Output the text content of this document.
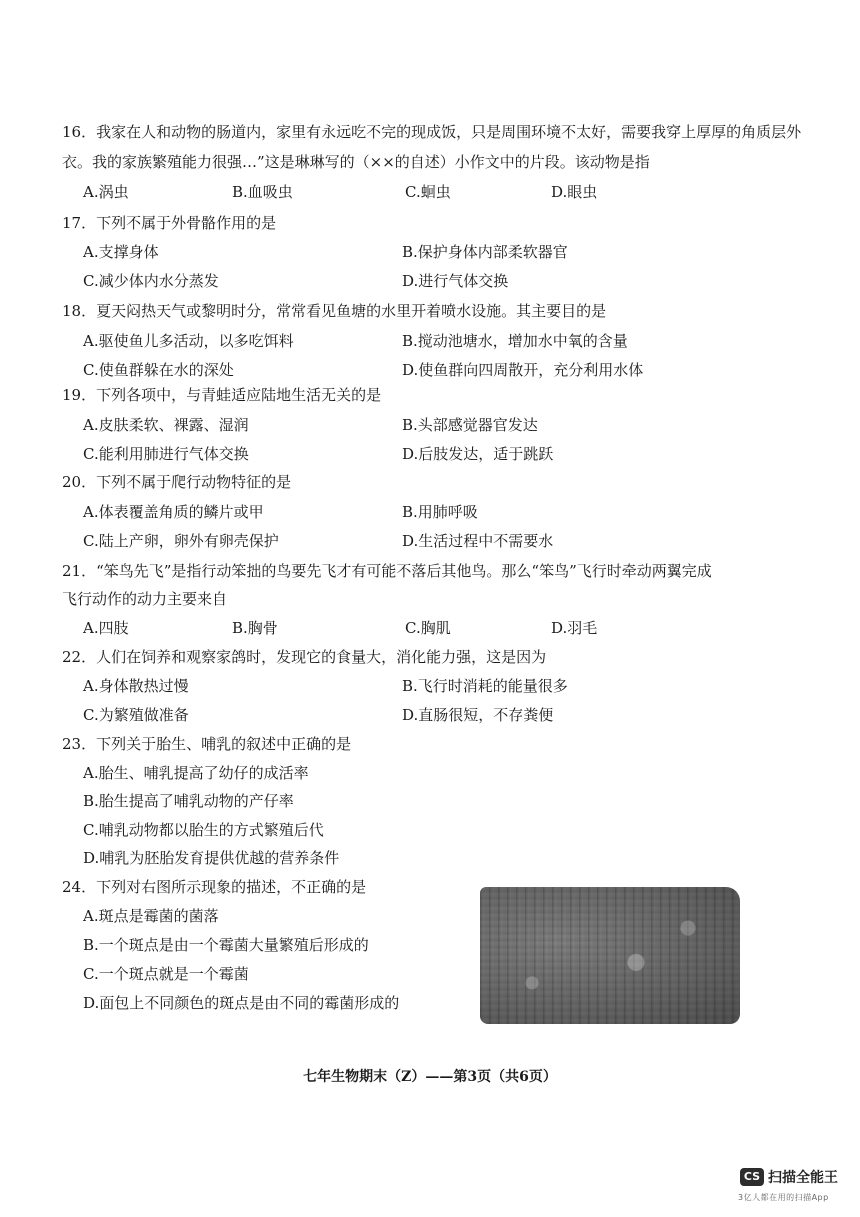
16．我家在人和动物的肠道内，家里有永远吃不完的现成饭，只是周围环境不太好，需要我穿上厚厚的角质层外衣。我的家族繁殖能力很强…”这是琳琳写的（××的自述）小作文中的片段。该动物是指
A.涡虫	B.血吸虫	C.蛔虫	D.眼虫
17．下列不属于外骨骼作用的是
A.支撑身体	B.保护身体内部柔软器官
C.减少体内水分蒸发	D.进行气体交换
18．夏天闷热天气或黎明时分，常常看见鱼塘的水里开着喷水设施。其主要目的是
A.驱使鱼儿多活动，以多吃饵料	B.搅动池塘水，增加水中氧的含量
C.使鱼群躲在水的深处	D.使鱼群向四周散开，充分利用水体
19．下列各项中，与青蛙适应陆地生活无关的是
A.皮肤柔软、裸露、湿润	B.头部感觉器官发达
C.能利用肺进行气体交换	D.后肢发达，适于跳跃
20．下列不属于爬行动物特征的是
A.体表覆盖角质的鳞片或甲	B.用肺呼吸
C.陆上产卵，卵外有卵壳保护	D.生活过程中不需要水
21．“笨鸟先飞”是指行动笨拙的鸟要先飞才有可能不落后其他鸟。那么“笨鸟”飞行时牵动两翼完成
飞行动作的动力主要来自
A.四肢	B.胸骨	C.胸肌	D.羽毛
22．人们在饲养和观察家鸽时，发现它的食量大，消化能力强，这是因为
A.身体散热过慢	B.飞行时消耗的能量很多
C.为繁殖做准备	D.直肠很短，不存粪便
23．下列关于胎生、哺乳的叙述中正确的是
A.胎生、哺乳提高了幼仔的成活率
B.胎生提高了哺乳动物的产仔率
C.哺乳动物都以胎生的方式繁殖后代
D.哺乳为胚胎发育提供优越的营养条件
24．下列对右图所示现象的描述，不正确的是
A.斑点是霉菌的菌落
B.一个斑点是由一个霉菌大量繁殖后形成的
C.一个斑点就是一个霉菌
D.面包上不同颜色的斑点是由不同的霉菌形成的
七年生物期末（Z）——第3页（共6页）
CS 扫描全能王
3亿人都在用的扫描App
